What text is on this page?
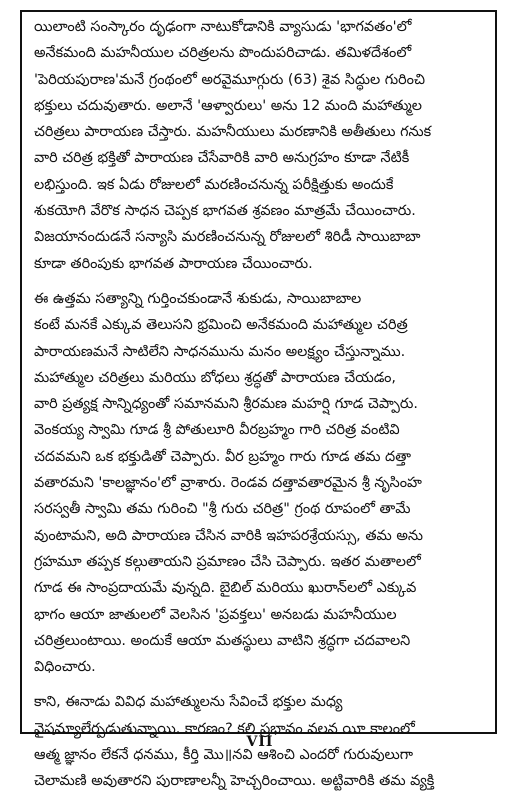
యిలాంటి సంస్కారం దృఢంగా నాటుకోడానికి వ్యాసుడు 'భాగవతం'లో
అనేకమంది మహనీయుల చరిత్రలను పొందుపరిచాడు. తమిళదేశంలో
'పెరియపురాణ'మనే గ్రంథంలో అరవైమూగ్గురు (63) శైవ సిద్ధుల గురించి
భక్తులు చదువుతారు. అలానే 'ఆళ్వారులు' అను 12 మంది మహాత్ముల
చరిత్రలు పారాయణ చేస్తారు. మహనీయులు మరణానికి అతీతులు గనుక
వారి చరిత్ర భక్తితో పారాయణ చేసేవారికి వారి అనుగ్రహం కూడా నేటికీ
లభిస్తుంది. ఇక ఏడు రోజులలో మరణించనున్న పరీక్షిత్తుకు అందుకే
శుకయోగి వేరొక సాధన చెప్పక భాగవత శ్రవణం మాత్రమే చేయించారు.
విజయానందుడనే సన్యాసి మరణించనున్న రోజులలో శిరిడీ సాయిబాబా
కూడా తరింపుకు భాగవత పారాయణ చేయించారు.
ఈ ఉత్తమ సత్యాన్ని గుర్తించకుండానే శుకుడు, సాయిబాబాల
కంటే మనకే ఎక్కువ తెలుసని భ్రమించి అనేకమంది మహాత్ముల చరిత్ర
పారాయణమనే సాటిలేని సాధనమును మనం అలక్ష్యం చేస్తున్నాము.
మహాత్ముల చరిత్రలు మరియు బోధలు శ్రద్ధతో పారాయణ చేయడం,
వారి ప్రత్యక్ష సాన్నిధ్యంతో సమానమని శ్రీరమణ మహర్షి గూడ చెప్పారు.
వెంకయ్య స్వామి గూడ శ్రీ పోతులూరి వీరబ్రహ్మం గారి చరిత్ర వంటివి
చదవమని ఒక భక్తుడితో చెప్పారు. వీర బ్రహ్మం గారు గూడ తమ దత్తా
వతారమని 'కాలజ్ఞానం'లో వ్రాశారు. రెండవ దత్తావతారమైన శ్రీ నృసింహ
సరస్వతీ స్వామి తమ గురించి "శ్రీ గురు చరిత్ర" గ్రంథ రూపంలో తామే
వుంటామని, అది పారాయణ చేసిన వారికి ఇహపరశ్రేయస్సు, తమ అను
గ్రహమూ తప్పక కల్గుతాయని ప్రమాణం చేసి చెప్పారు. ఇతర మతాలలో
గూడ ఈ సాంప్రదాయమే వున్నది. బైబిల్ మరియు ఖురాన్‌లలో ఎక్కువ
భాగం ఆయా జాతులలో వెలసిన 'ప్రవక్తలు' అనబడు మహనీయుల
చరిత్రలుంటాయి. అందుకే ఆయా మతస్థులు వాటిని శ్రద్ధగా చదవాలని
విధించారు.
కాని, ఈనాడు వివిధ మహాత్ములను సేవించే భక్తుల మధ్య
వైషమ్యాలేర్పడుతున్నాయి. కారణం? కలి ప్రభావం వలన యీ కాలంలో
ఆత్మ జ్ఞానం లేకనే ధనము, కీర్తి మొ॥నవి ఆశించి ఎందరో గురువులుగా
చెలామణి అవుతారని పురాణాలన్నీ హెచ్చరించాయి. అట్టివారికి తమ వ్యక్తి
VII
